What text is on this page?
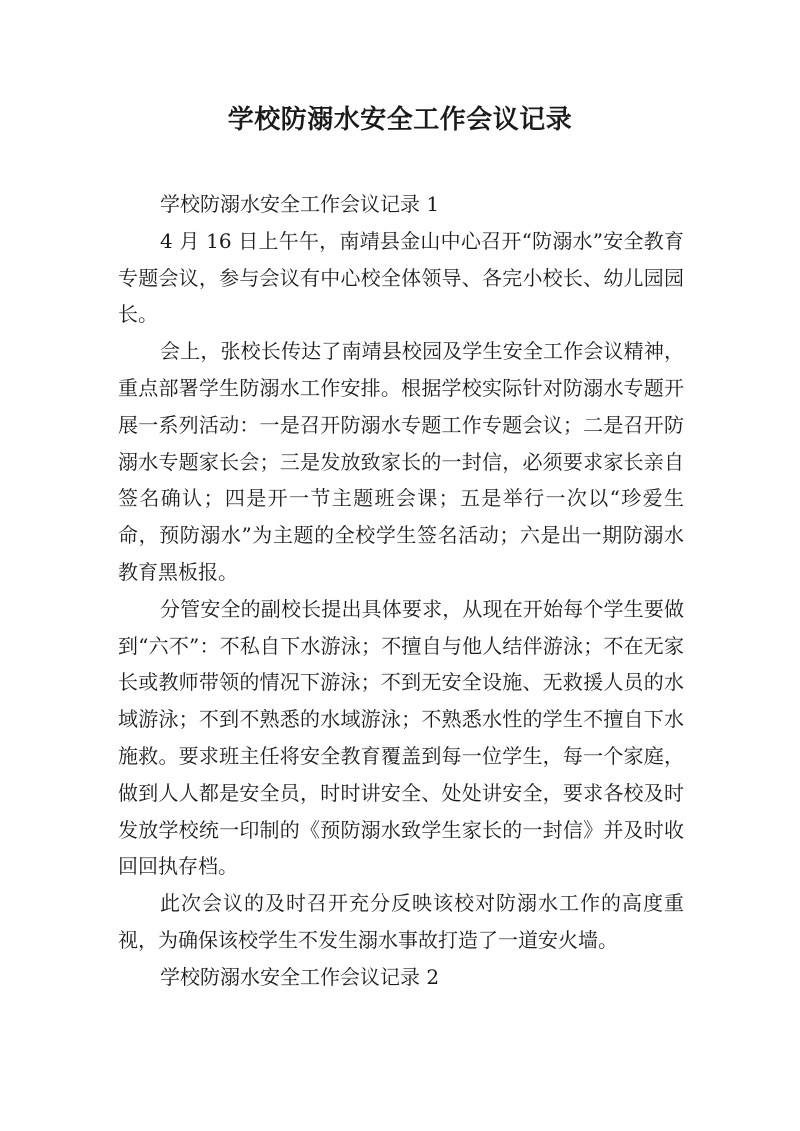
学校防溺水安全工作会议记录

学校防溺水安全工作会议记录 1

4 月 16 日上午午，南靖县金山中心召开“防溺水”安全教育专题会议，参与会议有中心校全体领导、各完小校长、幼儿园园长。

会上，张校长传达了南靖县校园及学生安全工作会议精神，重点部署学生防溺水工作安排。根据学校实际针对防溺水专题开展一系列活动：一是召开防溺水专题工作专题会议；二是召开防溺水专题家长会；三是发放致家长的一封信，必须要求家长亲自签名确认；四是开一节主题班会课；五是举行一次以“珍爱生命，预防溺水”为主题的全校学生签名活动；六是出一期防溺水教育黑板报。

分管安全的副校长提出具体要求，从现在开始每个学生要做到“六不”：不私自下水游泳；不擅自与他人结伴游泳；不在无家长或教师带领的情况下游泳；不到无安全设施、无救援人员的水域游泳；不到不熟悉的水域游泳；不熟悉水性的学生不擅自下水施救。要求班主任将安全教育覆盖到每一位学生，每一个家庭，做到人人都是安全员，时时讲安全、处处讲安全，要求各校及时发放学校统一印制的《预防溺水致学生家长的一封信》并及时收回回执存档。

此次会议的及时召开充分反映该校对防溺水工作的高度重视，为确保该校学生不发生溺水事故打造了一道安火墙。

学校防溺水安全工作会议记录 2
